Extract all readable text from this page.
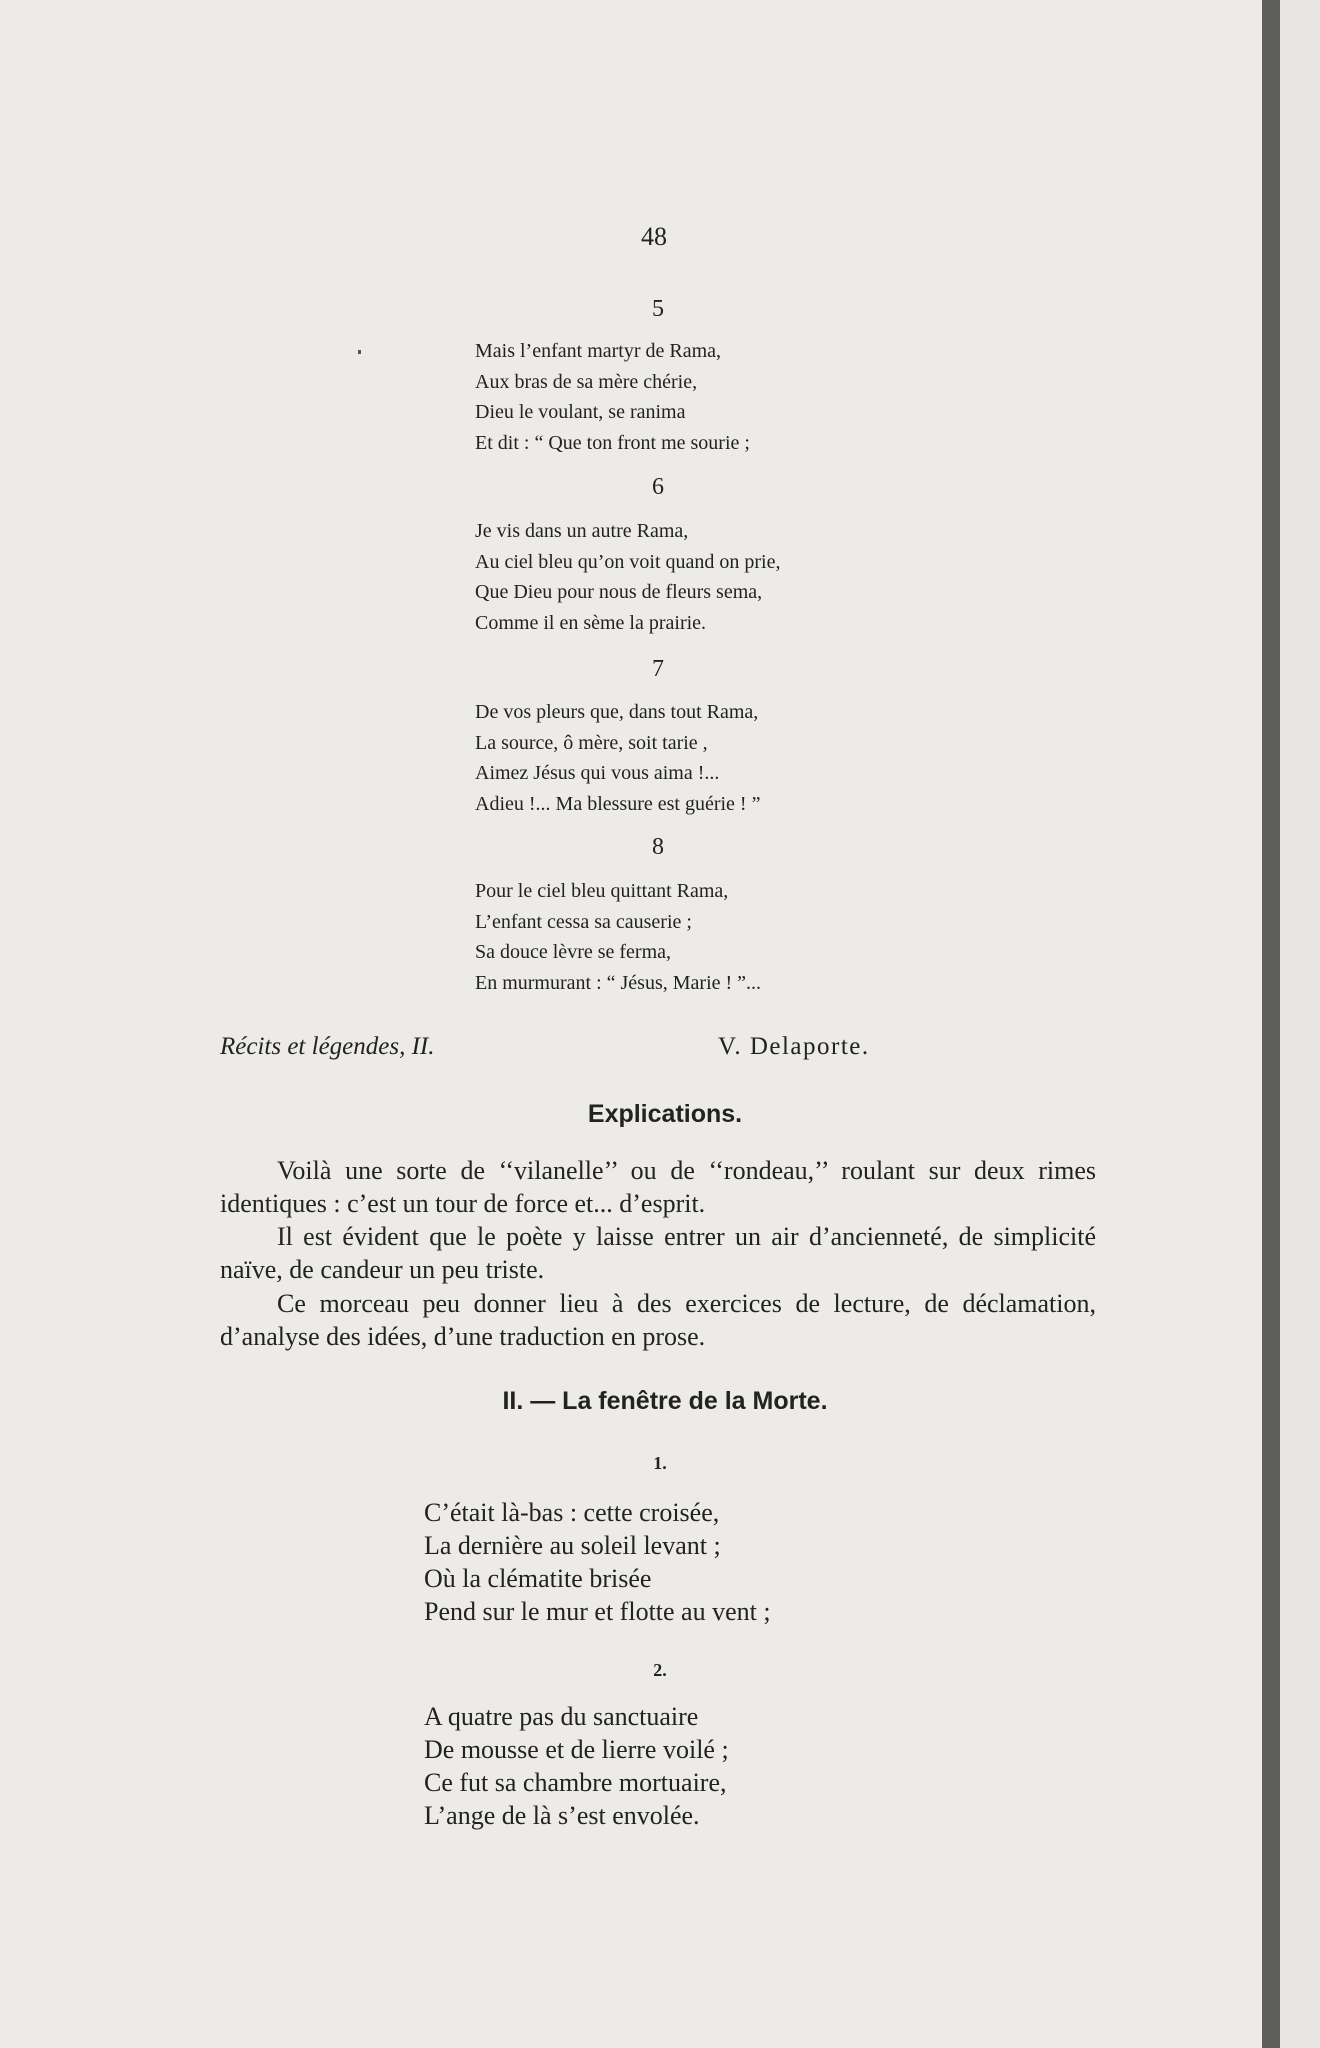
48
5
Mais l’enfant martyr de Rama,
Aux bras de sa mère chérie,
Dieu le voulant, se ranima
Et dit : “ Que ton front me sourie ;
6
Je vis dans un autre Rama,
Au ciel bleu qu’on voit quand on prie,
Que Dieu pour nous de fleurs sema,
Comme il en sème la prairie.
7
De vos pleurs que, dans tout Rama,
La source, ô mère, soit tarie ,
Aimez Jésus qui vous aima !...
Adieu !... Ma blessure est guérie ! ”
8
Pour le ciel bleu quittant Rama,
L’enfant cessa sa causerie ;
Sa douce lèvre se ferma,
En murmurant : “ Jésus, Marie ! ”...
Récits et légendes, II.	V. Delaporte.
Explications.
Voilà une sorte de ‘‘vilanelle’’ ou de ‘‘rondeau,’’ roulant sur deux rimes identiques : c’est un tour de force et... d’esprit.
Il est évident que le poète y laisse entrer un air d’ancienneté, de simplicité naïve, de candeur un peu triste.
Ce morceau peu donner lieu à des exercices de lecture, de déclamation, d’analyse des idées, d’une traduction en prose.
II. — La fenêtre de la Morte.
1.
C’était là-bas : cette croisée,
La dernière au soleil levant ;
Où la clématite brisée
Pend sur le mur et flotte au vent ;
2.
A quatre pas du sanctuaire
De mousse et de lierre voilé ;
Ce fut sa chambre mortuaire,
L’ange de là s’est envolée.
